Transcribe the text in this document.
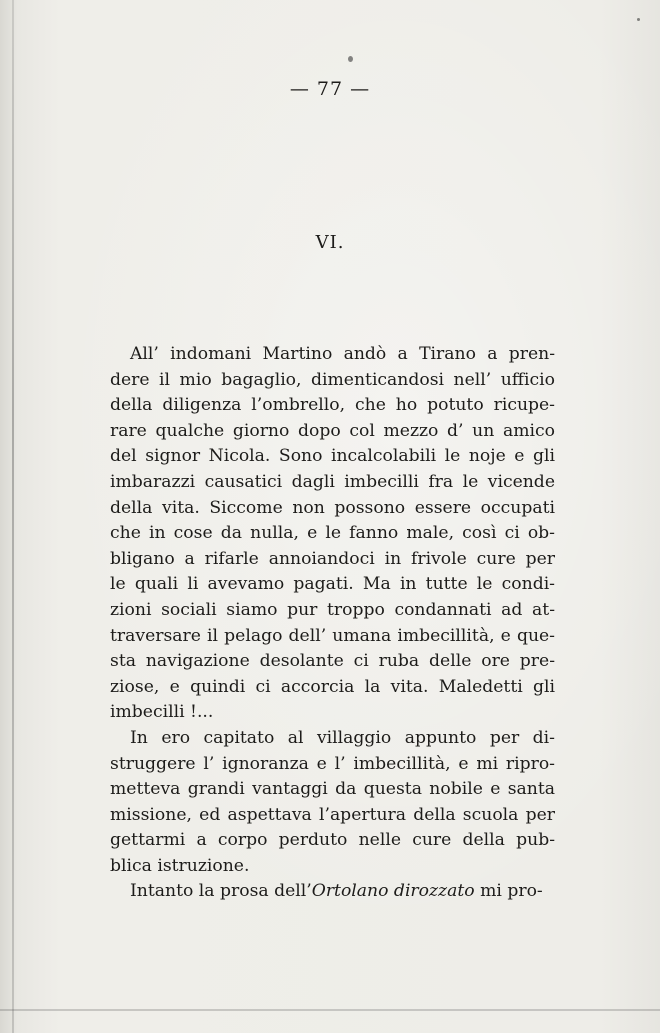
— 77 —
VI.
All’ indomani Martino andò a Tirano a pren-
dere il mio bagaglio, dimenticandosi nell’ ufficio
della diligenza l’ombrello, che ho potuto ricupe-
rare qualche giorno dopo col mezzo d’ un amico
del signor Nicola. Sono incalcolabili le noje e gli
imbarazzi causatici dagli imbecilli fra le vicende
della vita. Siccome non possono essere occupati
che in cose da nulla, e le fanno male, così ci ob-
bligano a rifarle annoiandoci in frivole cure per
le quali li avevamo pagati. Ma in tutte le condi-
zioni sociali siamo pur troppo condannati ad at-
traversare il pelago dell’ umana imbecillità, e que-
sta navigazione desolante ci ruba delle ore pre-
ziose, e quindi ci accorcia la vita. Maledetti gli
imbecilli !...
In ero capitato al villaggio appunto per di-
struggere l’ ignoranza e l’ imbecillità, e mi ripro-
metteva grandi vantaggi da questa nobile e santa
missione, ed aspettava l’apertura della scuola per
gettarmi a corpo perduto nelle cure della pub-
blica istruzione.
Intanto la prosa dell’Ortolano dirozzato mi pro-
